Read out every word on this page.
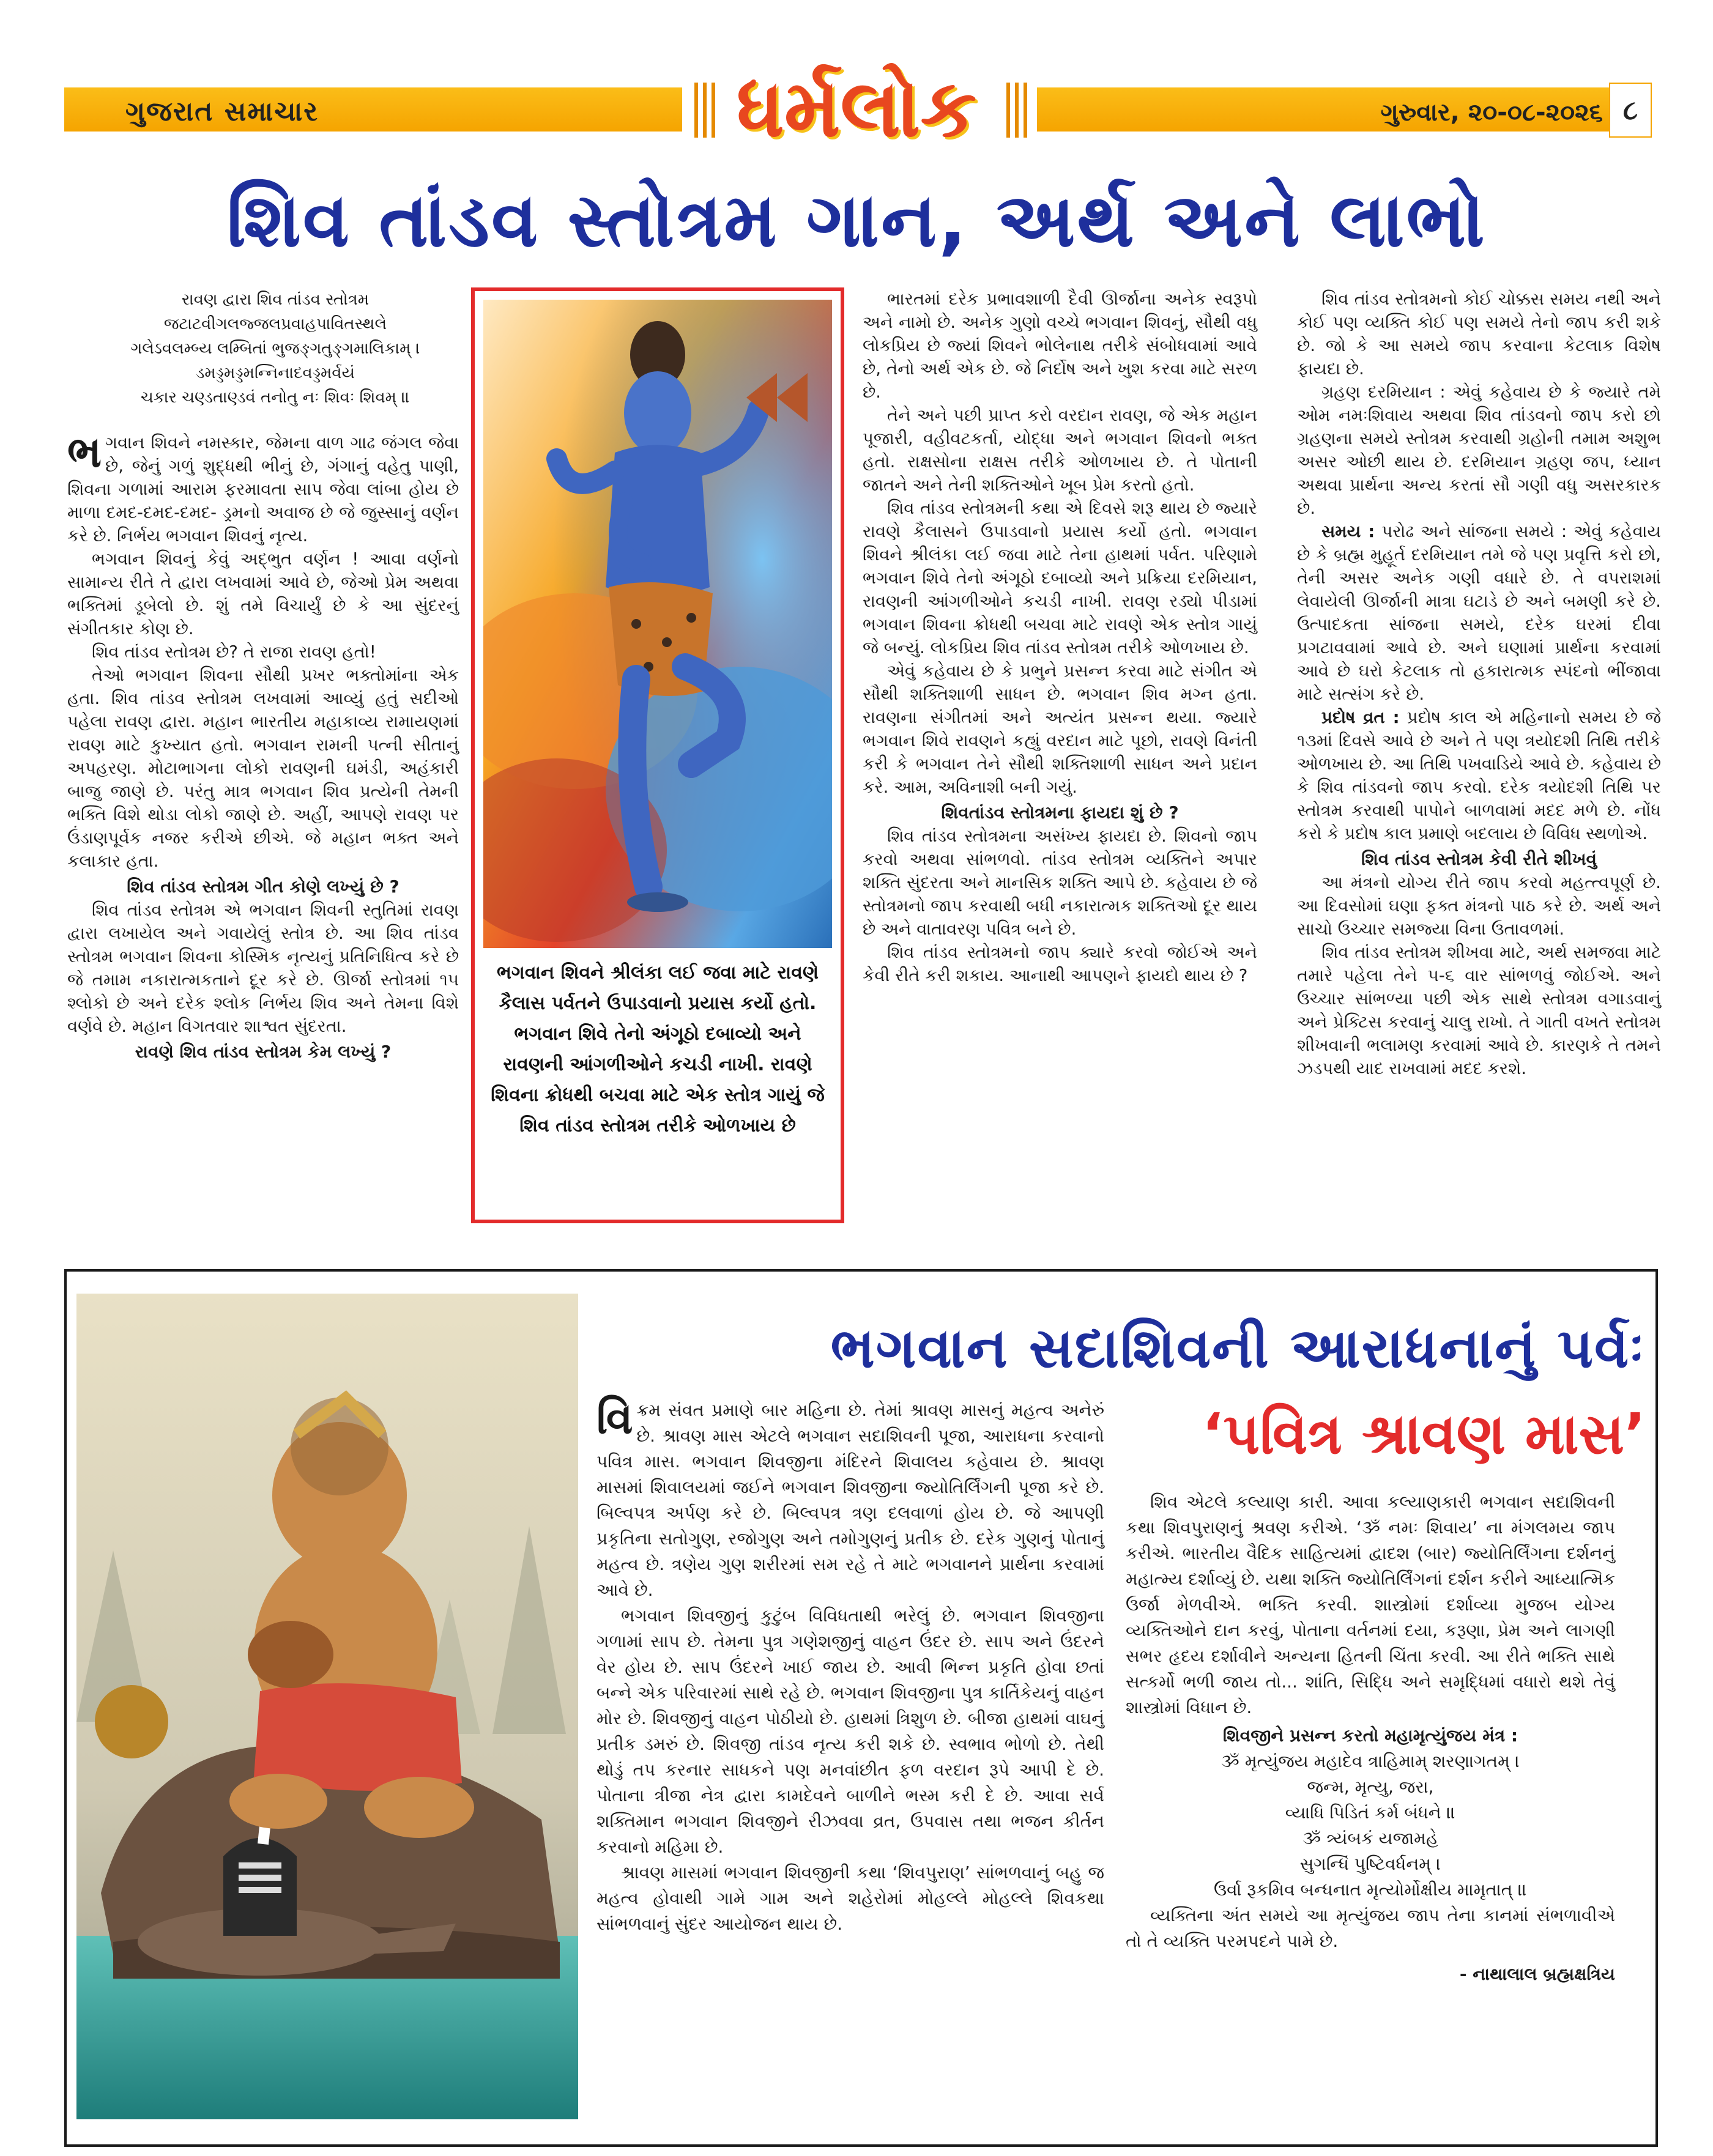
ગુજરાત સમાચાર	ગુરુવાર, ૨૦-૦૮-૨૦૨૬ ૮
ધર્મલોક
શિવ તાંડવ સ્તોત્રમ ગાન, અર્થ અને લાભો
રાવણ દ્વારા શિવ તાંડવ સ્તોત્રમ
જટાટવીગલજ્જલપ્રવાહપાવિતસ્થલે
ગલેઽવલમ્બ્ય લમ્બિતાં ભુજઙ્ગતુઙ્ગમાલિકામ્ ।
ડમડ્ડમડ્ડમન્નિનાદવડ્ડમર્વયં
ચકાર ચણ્ડતાણ્ડવં તનોતુ નઃ શિવઃ શિવમ્ ॥

ભગવાન શિવને નમસ્કાર, જેમના વાળ ગાઢ જંગલ જેવા છે, જેનું ગળું શુદ્ધથી ભીનું છે, ગંગાનું વહેતુ પાણી, શિવના ગળામાં આરામ ફરમાવતા સાપ જેવા લાંબા હોય છે માળા દમદ-દમદ-દમદ- ડ્રમનો અવાજ છે જે જુસ્સાનું વર્ણન કરે છે. નિર્ભય ભગવાન શિવનું નૃત્ય.

ભગવાન શિવનું કેવું અદ્ભુત વર્ણન ! આવા વર્ણનો સામાન્ય રીતે તે દ્વારા લખવામાં આવે છે, જેઓ પ્રેમ અથવા ભક્તિમાં ડૂબેલો છે. શું તમે વિચાર્યું છે કે આ સુંદરનું સંગીતકાર કોણ છે.

શિવ તાંડવ સ્તોત્રમ છે? તે રાજા રાવણ હતો!

તેઓ ભગવાન શિવના સૌથી પ્રખર ભક્તોમાંના એક હતા. શિવ તાંડવ સ્તોત્રમ લખવામાં આવ્યું હતું સદીઓ પહેલા રાવણ દ્વારા. મહાન ભારતીય મહાકાવ્ય રામાયણમાં રાવણ માટે કુખ્યાત હતો. ભગવાન રામની પત્ની સીતાનું અપહરણ. મોટાભાગના લોકો રાવણની ઘમંડી, અહંકારી બાજુ જાણે છે. પરંતુ માત્ર ભગવાન શિવ પ્રત્યેની તેમની ભક્તિ વિશે થોડા લોકો જાણે છે. અહીં, આપણે રાવણ પર ઉંડાણપૂર્વક નજર કરીએ છીએ. જે મહાન ભક્ત અને કલાકાર હતા.

શિવ તાંડવ સ્તોત્રમ ગીત કોણે લખ્યું છે ?

શિવ તાંડવ સ્તોત્રમ એ ભગવાન શિવની સ્તુતિમાં રાવણ દ્વારા લખાયેલ અને ગવાયેલું સ્તોત્ર છે. આ શિવ તાંડવ સ્તોત્રમ ભગવાન શિવના કોસ્મિક નૃત્યનું પ્રતિનિધિત્વ કરે છે જે તમામ નકારાત્મકતાને દૂર કરે છે. ઊર્જા સ્તોત્રમાં ૧૫ શ્લોકો છે અને દરેક શ્લોક નિર્ભય શિવ અને તેમના વિશે વર્ણવે છે. મહાન વિગતવાર શાશ્વત સુંદરતા.

રાવણે શિવ તાંડવ સ્તોત્રમ કેમ લખ્યું ?
ભગવાન શિવને શ્રીલંકા લઈ જવા માટે રાવણે કૈલાસ પર્વતને ઉપાડવાનો પ્રયાસ કર્યો હતો. ભગવાન શિવે તેનો અંગૂઠો દબાવ્યો અને રાવણની આંગળીઓને કચડી નાખી. રાવણે શિવના ક્રોધથી બચવા માટે એક સ્તોત્ર ગાયું જે શિવ તાંડવ સ્તોત્રમ તરીકે ઓળખાય છે

ભારતમાં દરેક પ્રભાવશાળી દૈવી ઊર્જાના અનેક સ્વરૂપો અને નામો છે. અનેક ગુણો વચ્ચે ભગવાન શિવનું, સૌથી વધુ લોકપ્રિય છે જ્યાં શિવને ભોલેનાથ તરીકે સંબોધવામાં આવે છે, તેનો અર્થ એક છે. જે નિર્દોષ અને ખુશ કરવા માટે સરળ છે.

તેને અને પછી પ્રાપ્ત કરો વરદાન રાવણ, જે એક મહાન પૂજારી, વહીવટકર્તા, યોદ્ધા અને ભગવાન શિવનો ભક્ત હતો. રાક્ષસોના રાક્ષસ તરીકે ઓળખાય છે. તે પોતાની જાતને અને તેની શક્તિઓને ખૂબ પ્રેમ કરતો હતો.

શિવ તાંડવ સ્તોત્રમની કથા એ દિવસે શરૂ થાય છે જ્યારે રાવણે કૈલાસને ઉપાડવાનો પ્રયાસ કર્યો હતો. ભગવાન શિવને શ્રીલંકા લઈ જવા માટે તેના હાથમાં પર્વત. પરિણામે ભગવાન શિવે તેનો અંગૂઠો દબાવ્યો અને પ્રક્રિયા દરમિયાન, રાવણની આંગળીઓને કચડી નાખી. રાવણ રડ્યો પીડામાં ભગવાન શિવના ક્રોધથી બચવા માટે રાવણે એક સ્તોત્ર ગાયું જે બન્યું. લોકપ્રિય શિવ તાંડવ સ્તોત્રમ તરીકે ઓળખાય છે.

એવું કહેવાય છે કે પ્રભુને પ્રસન્ન કરવા માટે સંગીત એ સૌથી શક્તિશાળી સાધન છે. ભગવાન શિવ મગ્ન હતા. રાવણના સંગીતમાં અને અત્યંત પ્રસન્ન થયા. જ્યારે ભગવાન શિવે રાવણને કહ્યું વરદાન માટે પૂછો, રાવણે વિનંતી કરી કે ભગવાન તેને સૌથી શક્તિશાળી સાધન અને પ્રદાન કરે. આમ, અવિનાશી બની ગયું.

શિવતાંડવ સ્તોત્રમના ફાયદા શું છે ?

શિવ તાંડવ સ્તોત્રમના અસંખ્ય ફાયદા છે. શિવનો જાપ કરવો અથવા સાંભળવો. તાંડવ સ્તોત્રમ વ્યક્તિને અપાર શક્તિ સુંદરતા અને માનસિક શક્તિ આપે છે. કહેવાય છે જે સ્તોત્રમનો જાપ કરવાથી બધી નકારાત્મક શક્તિઓ દૂર થાય છે અને વાતાવરણ પવિત્ર બને છે.

શિવ તાંડવ સ્તોત્રમનો જાપ ક્યારે કરવો જોઈએ અને કેવી રીતે કરી શકાય. આનાથી આપણને ફાયદો થાય છે ?

શિવ તાંડવ સ્તોત્રમનો કોઈ ચોક્કસ સમય નથી અને કોઈ પણ વ્યક્તિ કોઈ પણ સમયે તેનો જાપ કરી શકે છે. જો કે આ સમયે જાપ કરવાના કેટલાક વિશેષ ફાયદા છે.

ગ્રહણ દરમિયાન : એવું કહેવાય છે કે જ્યારે તમે ઓમ નમઃશિવાય અથવા શિવ તાંડવનો જાપ કરો છો ગ્રહણના સમયે સ્તોત્રમ કરવાથી ગ્રહોની તમામ અશુભ અસર ઓછી થાય છે. દરમિયાન ગ્રહણ જપ, ધ્યાન અથવા પ્રાર્થના અન્ય કરતાં સૌ ગણી વધુ અસરકારક છે.

સમય : પરોઢ અને સાંજના સમયે : એવું કહેવાય છે કે બ્રહ્મ મુહૂર્ત દરમિયાન તમે જે પણ પ્રવૃત્તિ કરો છો, તેની અસર અનેક ગણી વધારે છે. તે વપરાશમાં લેવાયેલી ઊર્જાની માત્રા ઘટાડે છે અને બમણી કરે છે. ઉત્પાદકતા સાંજના સમયે, દરેક ઘરમાં દીવા પ્રગટાવવામાં આવે છે. અને ઘણામાં પ્રાર્થના કરવામાં આવે છે ઘરો કેટલાક તો હકારાત્મક સ્પંદનો ભીંજાવા માટે સત્સંગ કરે છે.

પ્રદોષ વ્રત : પ્રદોષ કાલ એ મહિનાનો સમય છે જે ૧૩માં દિવસે આવે છે અને તે પણ ત્રયોદશી તિથિ તરીકે ઓળખાય છે. આ તિથિ પખવાડિયે આવે છે. કહેવાય છે કે શિવ તાંડવનો જાપ કરવો. દરેક ત્રયોદશી તિથિ પર સ્તોત્રમ કરવાથી પાપોને બાળવામાં મદદ મળે છે. નોંધ કરો કે પ્રદોષ કાલ પ્રમાણે બદલાય છે વિવિધ સ્થળોએ.

શિવ તાંડવ સ્તોત્રમ કેવી રીતે શીખવું

આ મંત્રનો યોગ્ય રીતે જાપ કરવો મહત્ત્વપૂર્ણ છે. આ દિવસોમાં ઘણા ફક્ત મંત્રનો પાઠ કરે છે. અર્થ અને સાચો ઉચ્ચાર સમજ્યા વિના ઉતાવળમાં.

શિવ તાંડવ સ્તોત્રમ શીખવા માટે, અર્થ સમજવા માટે તમારે પહેલા તેને ૫-૬ વાર સાંભળવું જોઈએ. અને ઉચ્ચાર સાંભળ્યા પછી એક સાથે સ્તોત્રમ વગાડવાનું અને પ્રેક્ટિસ કરવાનું ચાલુ રાખો. તે ગાતી વખતે સ્તોત્રમ શીખવાની ભલામણ કરવામાં આવે છે. કારણકે તે તમને ઝડપથી યાદ રાખવામાં મદદ કરશે.

ભગવાન સદાશિવની આરાધનાનું પર્વઃ
‘પવિત્ર શ્રાવણ માસ’

વિક્રમ સંવત પ્રમાણે બાર મહિના છે. તેમાં શ્રાવણ માસનું મહત્વ અનેરું છે. શ્રાવણ માસ એટલે ભગવાન સદાશિવની પૂજા, આરાધના કરવાનો પવિત્ર માસ. ભગવાન શિવજીના મંદિરને શિવાલય કહેવાય છે. શ્રાવણ માસમાં શિવાલયમાં જઈને ભગવાન શિવજીના જ્યોતિર્લિંગની પૂજા કરે છે. બિલ્વપત્ર અર્પણ કરે છે. બિલ્વપત્ર ત્રણ દલવાળાં હોય છે. જે આપણી પ્રકૃતિના સતોગુણ, રજોગુણ અને તમોગુણનું પ્રતીક છે. દરેક ગુણનું પોતાનું મહત્વ છે. ત્રણેય ગુણ શરીરમાં સમ રહે તે માટે ભગવાનને પ્રાર્થના કરવામાં આવે છે.

ભગવાન શિવજીનું કુટુંબ વિવિધતાથી ભરેલું છે. ભગવાન શિવજીના ગળામાં સાપ છે. તેમના પુત્ર ગણેશજીનું વાહન ઉંદર છે. સાપ અને ઉંદરને વેર હોય છે. સાપ ઉંદરને ખાઈ જાય છે. આવી ભિન્ન પ્રકૃતિ હોવા છતાં બન્ને એક પરિવારમાં સાથે રહે છે. ભગવાન શિવજીના પુત્ર કાર્તિકેયનું વાહન મોર છે. શિવજીનું વાહન પોઠીયો છે. હાથમાં ત્રિશુળ છે. બીજા હાથમાં વાઘનું પ્રતીક ડમરું છે. શિવજી તાંડવ નૃત્ય કરી શકે છે. સ્વભાવ ભોળો છે. તેથી થોડું તપ કરનાર સાધકને પણ મનવાંછીત ફળ વરદાન રૂપે આપી દે છે. પોતાના ત્રીજા નેત્ર દ્વારા કામદેવને બાળીને ભસ્મ કરી દે છે. આવા સર્વ શક્તિમાન ભગવાન શિવજીને રીઝવવા વ્રત, ઉપવાસ તથા ભજન કીર્તન કરવાનો મહિમા છે.

શ્રાવણ માસમાં ભગવાન શિવજીની કથા ‘શિવપુરાણ’ સાંભળવાનું બહુ જ મહત્વ હોવાથી ગામે ગામ અને શહેરોમાં મોહલ્લે મોહલ્લે શિવકથા સાંભળવાનું સુંદર આયોજન થાય છે.

શિવ એટલે કલ્યાણ કારી. આવા કલ્યાણકારી ભગવાન સદાશિવની કથા શિવપુરાણનું શ્રવણ કરીએ. ‘ૐ નમઃ શિવાય’ ના મંગલમય જાપ કરીએ. ભારતીય વૈદિક સાહિત્યમાં દ્વાદશ (બાર) જ્યોતિર્લિંગના દર્શનનું મહાત્મ્ય દર્શાવ્યું છે. યથા શક્તિ જ્યોતિર્લિંગનાં દર્શન કરીને આધ્યાત્મિક ઉર્જા મેળવીએ. ભક્તિ કરવી. શાસ્ત્રોમાં દર્શાવ્યા મુજબ યોગ્ય વ્યક્તિઓને દાન કરવું, પોતાના વર્તનમાં દયા, કરૂણા, પ્રેમ અને લાગણી સભર હૃદય દર્શાવીને અન્યના હિતની ચિંતા કરવી. આ રીતે ભક્તિ સાથે સત્કર્મો ભળી જાય તો... શાંતિ, સિદ્ધિ અને સમૃદ્ધિમાં વધારો થશે તેવું શાસ્ત્રોમાં વિધાન છે.

શિવજીને પ્રસન્ન કરતો મહામૃત્યુંજય મંત્ર :
ૐ મૃત્યુંજય મહાદેવ ત્રાહિમામ્ શરણાગતમ્ ।
જન્મ, મૃત્યુ, જરા,
વ્યાધિ પિડિતં કર્મ બંધને ॥
ૐ ત્ર્યંબકં યજામહે
સુગન્ધિં પુષ્ટિવર્ધનમ્ ।
ઉર્વા રૂકમિવ બન્ધનાત મૃત્યોર્મોક્ષીય મામૃતાત્ ॥

વ્યક્તિના અંત સમયે આ મૃત્યુંજય જાપ તેના કાનમાં સંભળાવીએ તો તે વ્યક્તિ પરમપદને પામે છે.

- નાથાલાલ બ્રહ્મક્ષત્રિય
